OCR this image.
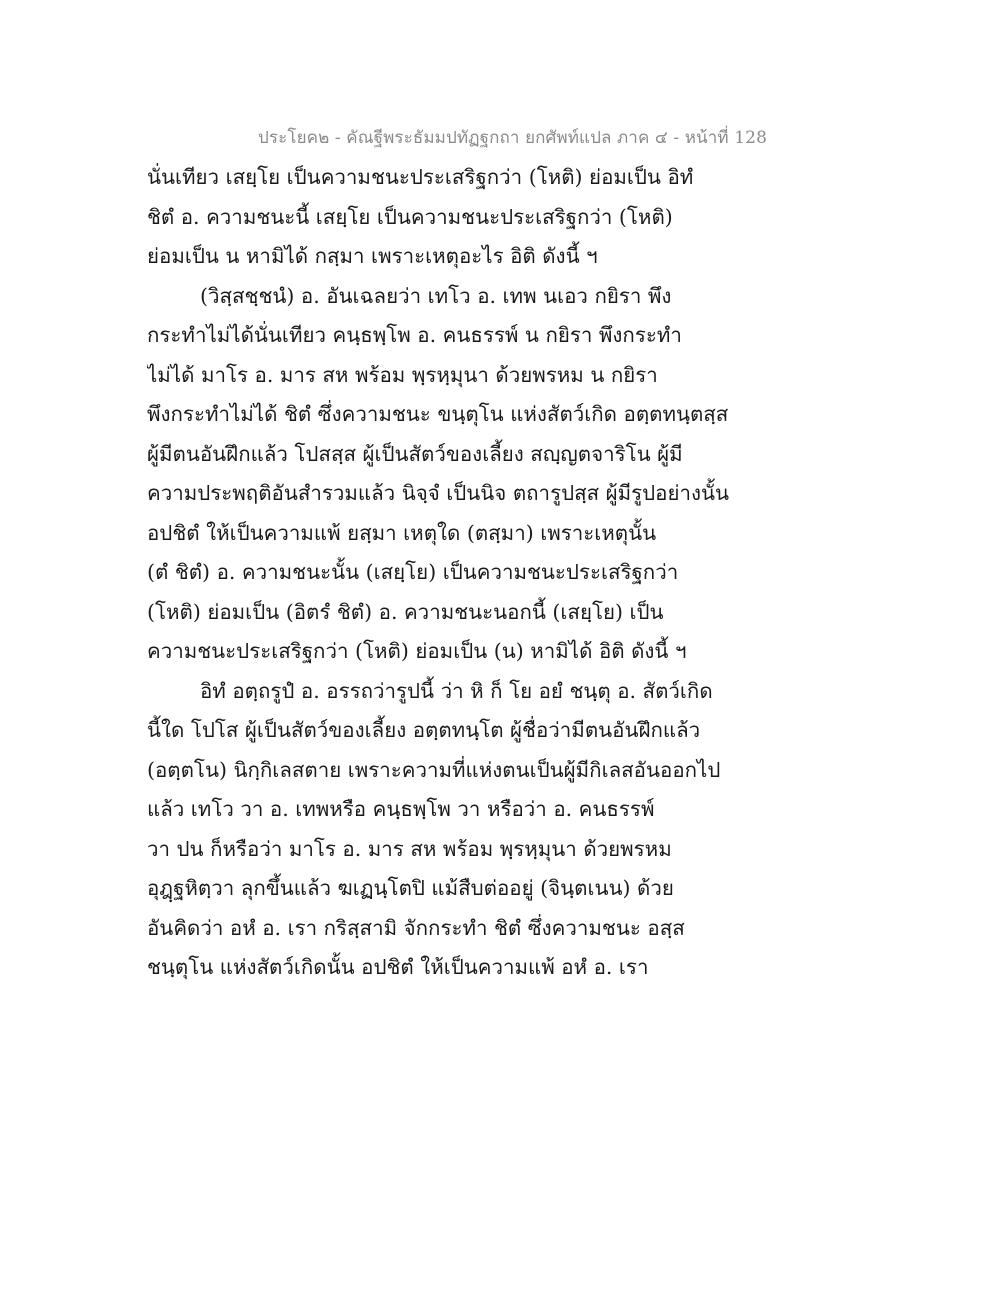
ประโยค๒ - คัณฐีพระธัมมปทัฏฐกถา ยกศัพท์แปล ภาค ๔ - หน้าที่ 128
นั่นเทียว เสยฺโย เป็นความชนะประเสริฐกว่า (โหติ) ย่อมเป็น อิทํ
ชิตํ อ. ความชนะนี้ เสยฺโย เป็นความชนะประเสริฐกว่า (โหติ)
ย่อมเป็น น หามิได้ กสฺมา เพราะเหตุอะไร อิติ ดังนี้ ฯ
(วิสฺสชฺชนํ) อ. อันเฉลยว่า เทโว อ. เทพ นเอว กยิรา พึง
กระทำไม่ได้นั่นเทียว คนฺธพฺโพ อ. คนธรรพ์ น กยิรา พึงกระทำ
ไม่ได้ มาโร อ. มาร สห พร้อม พฺรหฺมุนา ด้วยพรหม น กยิรา
พึงกระทำไม่ได้ ชิตํ ซึ่งความชนะ ขนฺตุโน แห่งสัตว์เกิด อตฺตทนฺตสฺส
ผู้มีตนอันฝึกแล้ว โปสสฺส ผู้เป็นสัตว์ของเลี้ยง สญฺญตจาริโน ผู้มี
ความประพฤติอันสำรวมแล้ว นิจฺจํ เป็นนิจ ตถารูปสฺส ผู้มีรูปอย่างนั้น
อปชิตํ ให้เป็นความแพ้ ยสฺมา เหตุใด (ตสฺมา) เพราะเหตุนั้น
(ตํ ชิตํ) อ. ความชนะนั้น (เสยฺโย) เป็นความชนะประเสริฐกว่า
(โหติ) ย่อมเป็น (อิตรํ ชิตํ) อ. ความชนะนอกนี้ (เสยฺโย) เป็น
ความชนะประเสริฐกว่า (โหติ) ย่อมเป็น (น) หามิได้ อิติ ดังนี้ ฯ
อิทํ อตฺถรูปํ อ. อรรถว่ารูปนี้ ว่า หิ ก็ โย อยํ ชนฺตุ อ. สัตว์เกิด
นี้ใด โปโส ผู้เป็นสัตว์ของเลี้ยง อตฺตทนฺโต ผู้ชื่อว่ามีตนอันฝึกแล้ว
(อตฺตโน) นิกฺกิเลสตาย เพราะความที่แห่งตนเป็นผู้มีกิเลสอันออกไป
แล้ว เทโว วา อ. เทพหรือ คนฺธพฺโพ วา หรือว่า อ. คนธรรพ์
วา ปน ก็หรือว่า มาโร อ. มาร สห พร้อม พฺรหฺมุนา ด้วยพรหม
อุฎฺฐหิตฺวา ลุกขึ้นแล้ว ฆเฏนฺโตปิ แม้สืบต่ออยู่ (จินฺตเนน) ด้วย
อันคิดว่า อหํ อ. เรา กริสฺสามิ จักกระทำ ชิตํ ซึ่งความชนะ อสฺส
ชนฺตุโน แห่งสัตว์เกิดนั้น อปชิตํ ให้เป็นความแพ้ อหํ อ. เรา
